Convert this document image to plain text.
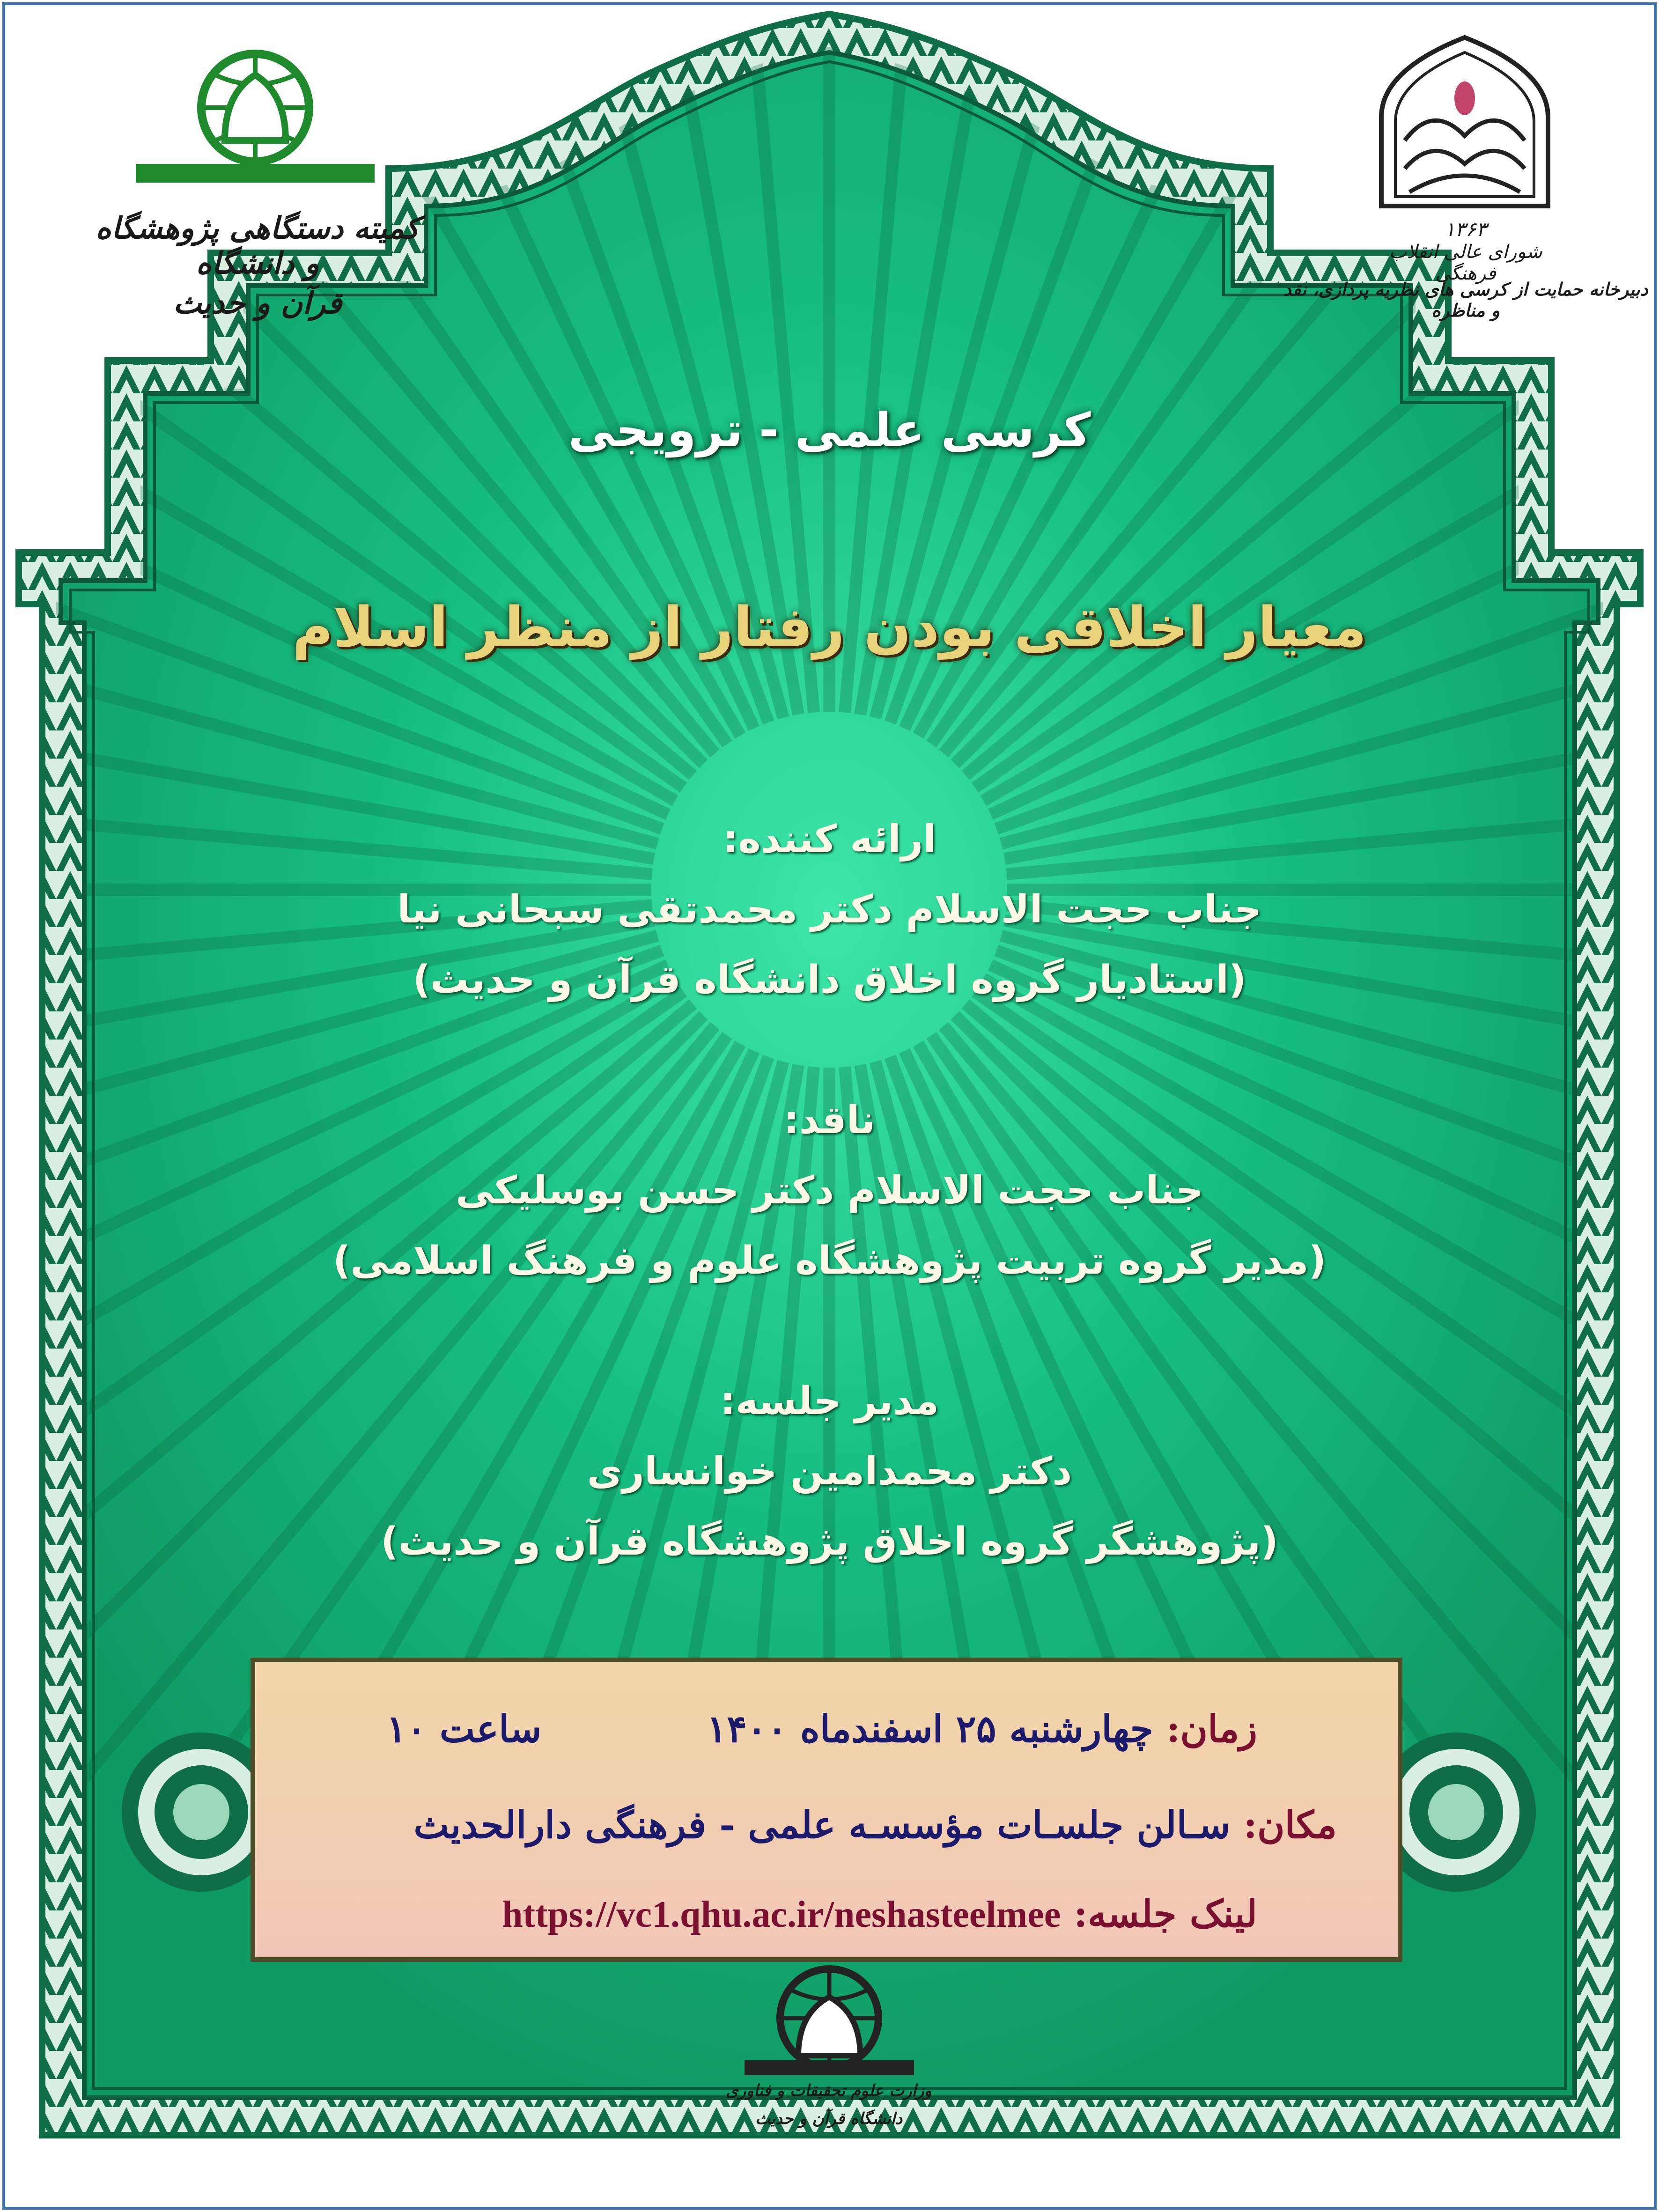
کمیته دستگاهی پژوهشگاه و دانشگاه
قرآن و حدیث
۱۳۶۳
شورای عالی انقلاب فرهنگی
دبیرخانه حمایت از کرسی های نظریه پردازی، نقد و مناظره
وزارت علوم تحقیقات و فناوری
دانشگاه قرآن و حدیث
کرسی علمی - ترویجی
معیار اخلاقی بودن رفتار از منظر اسلام
ارائه کننده:
جناب حجت الاسلام دکتر محمدتقی سبحانی نیا
(استادیار گروه اخلاق دانشگاه قرآن و حدیث)
ناقد:
جناب حجت الاسلام دکتر حسن بوسلیکی
(مدیر گروه تربیت پژوهشگاه علوم و فرهنگ اسلامی)
مدیر جلسه:
دکتر محمدامین خوانساری
(پژوهشگر گروه اخلاق پژوهشگاه قرآن و حدیث)
زمان: چهارشنبه ۲۵ اسفندماه ۱۴۰۰
ساعت ۱۰
مکان: سـالن جلسـات مؤسسـه علمی - فرهنگی دارالحدیث
لینک جلسه: https://vc1.qhu.ac.ir/neshasteelmee
